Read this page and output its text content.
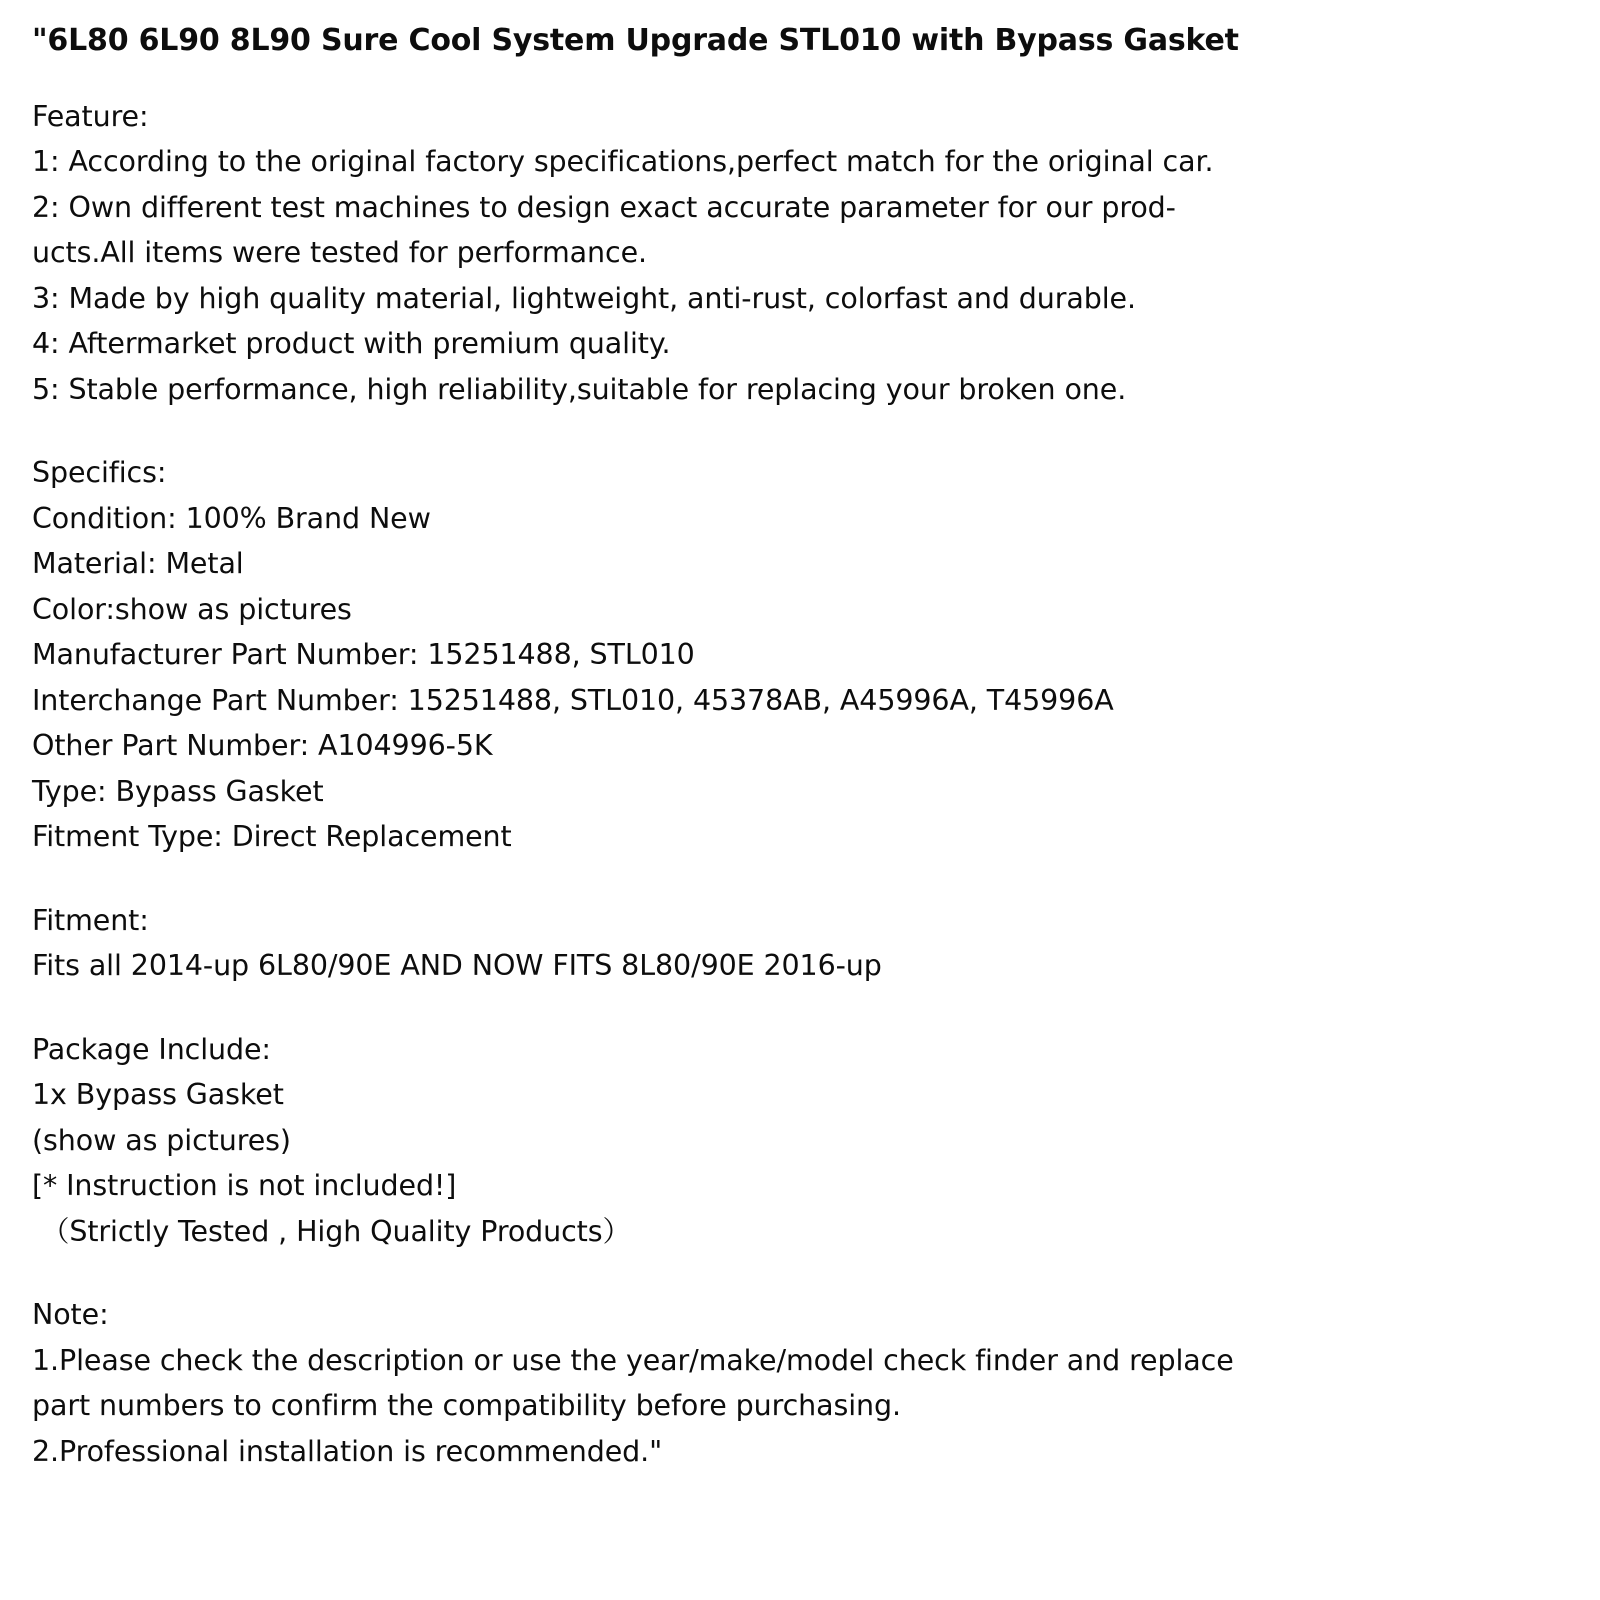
"6L80 6L90 8L90 Sure Cool System Upgrade STL010 with Bypass Gasket
Feature:
1: According to the original factory specifications,perfect match for the original car.
2: Own different test machines to design exact accurate parameter for our prod-
ucts.All items were tested for performance.
3: Made by high quality material, lightweight, anti-rust, colorfast and durable.
4: Aftermarket product with premium quality.
5: Stable performance, high reliability,suitable for replacing your broken one.
Specifics:
Condition: 100% Brand New
Material: Metal
Color:show as pictures
Manufacturer Part Number: 15251488, STL010
Interchange Part Number: 15251488, STL010, 45378AB, A45996A, T45996A
Other Part Number: A104996-5K
Type: Bypass Gasket
Fitment Type: Direct Replacement
Fitment:
Fits all 2014-up 6L80/90E AND NOW FITS 8L80/90E 2016-up
Package Include:
1x Bypass Gasket
(show as pictures)
[* Instruction is not included!]
（Strictly Tested , High Quality Products）
Note:
1.Please check the description or use the year/make/model check finder and replace
part numbers to confirm the compatibility before purchasing.
2.Professional installation is recommended."
